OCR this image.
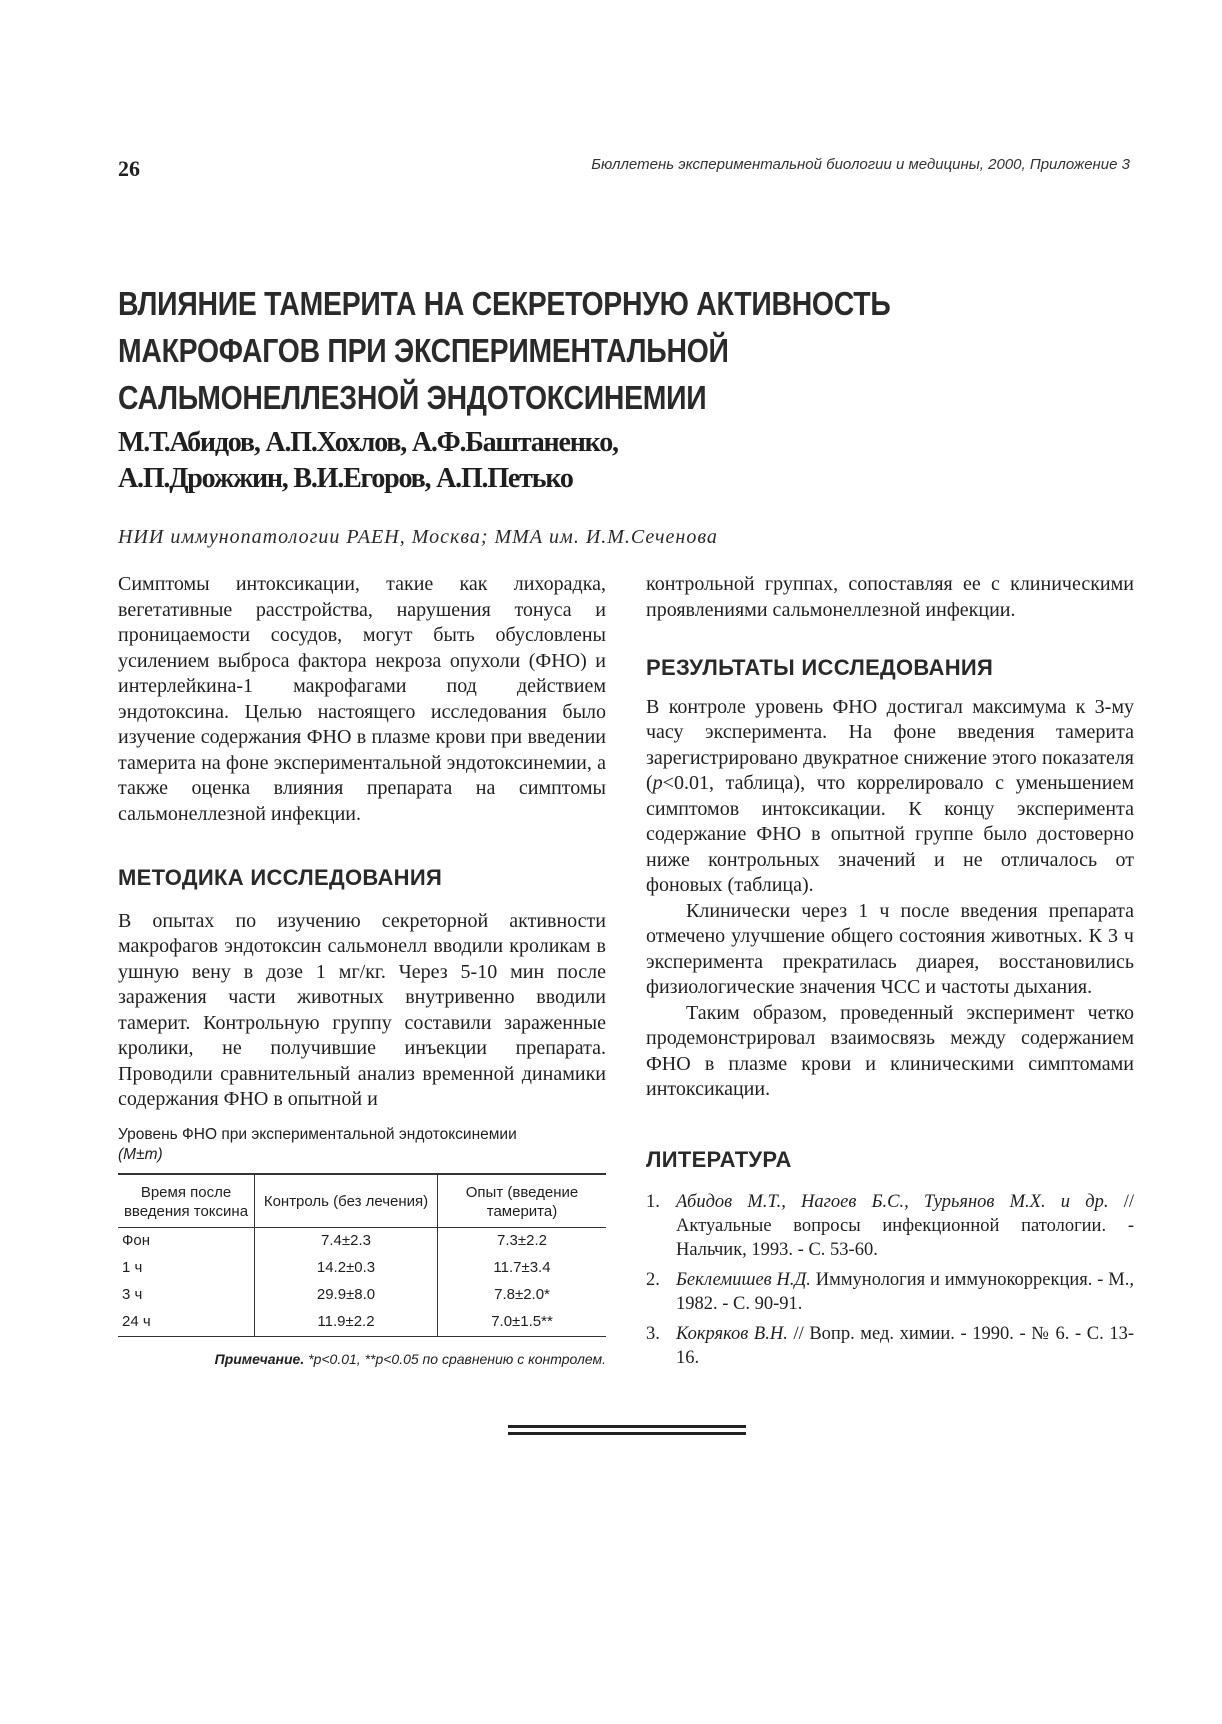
26	Бюллетень экспериментальной биологии и медицины, 2000, Приложение 3
ВЛИЯНИЕ ТАМЕРИТА НА СЕКРЕТОРНУЮ АКТИВНОСТЬ
МАКРОФАГОВ ПРИ ЭКСПЕРИМЕНТАЛЬНОЙ
САЛЬМОНЕЛЛЕЗНОЙ ЭНДОТОКСИНЕМИИ
М.Т.Абидов, А.П.Хохлов, А.Ф.Баштаненко,
А.П.Дрожжин, В.И.Егоров, А.П.Петько
НИИ иммунопатологии РАЕН, Москва; ММА им. И.М.Сеченова

Симптомы интоксикации, такие как лихорадка, вегетативные расстройства, нарушения тонуса и проницаемости сосудов, могут быть обусловлены усилением выброса фактора некроза опухоли (ФНО) и интерлейкина-1 макрофагами под действием эндотоксина. Целью настоящего исследования было изучение содержания ФНО в плазме крови при введении тамерита на фоне экспериментальной эндотоксинемии, а также оценка влияния препарата на симптомы сальмонеллезной инфекции.

МЕТОДИКА ИССЛЕДОВАНИЯ

В опытах по изучению секреторной активности макрофагов эндотоксин сальмонелл вводили кроликам в ушную вену в дозе 1 мг/кг. Через 5-10 мин после заражения части животных внутривенно вводили тамерит. Контрольную группу составили зараженные кролики, не получившие инъекции препарата. Проводили сравнительный анализ временной динамики содержания ФНО в опытной и

Уровень ФНО при экспериментальной эндотоксинемии
(M±m)
Время после введения токсина	Контроль (без лечения)	Опыт (введение тамерита)
Фон	7.4±2.3	7.3±2.2
1 ч	14.2±0.3	11.7±3.4
3 ч	29.9±8.0	7.8±2.0*
24 ч	11.9±2.2	7.0±1.5**
Примечание. *p<0.01, **p<0.05 по сравнению с контролем.

контрольной группах, сопоставляя ее с клиническими проявлениями сальмонеллезной инфекции.

РЕЗУЛЬТАТЫ ИССЛЕДОВАНИЯ

В контроле уровень ФНО достигал максимума к 3-му часу эксперимента. На фоне введения тамерита зарегистрировано двукратное снижение этого показателя (p<0.01, таблица), что коррелировало с уменьшением симптомов интоксикации. К концу эксперимента содержание ФНО в опытной группе было достоверно ниже контрольных значений и не отличалось от фоновых (таблица).

Клинически через 1 ч после введения препарата отмечено улучшение общего состояния животных. К 3 ч эксперимента прекратилась диарея, восстановились физиологические значения ЧСС и частоты дыхания.

Таким образом, проведенный эксперимент четко продемонстрировал взаимосвязь между содержанием ФНО в плазме крови и клиническими симптомами интоксикации.

ЛИТЕРАТУРА
1. Абидов М.Т., Нагоев Б.С., Турьянов М.Х. и др. // Актуальные вопросы инфекционной патологии. - Нальчик, 1993. - С. 53-60.
2. Беклемишев Н.Д. Иммунология и иммунокоррекция. - М., 1982. - С. 90-91.
3. Кокряков В.Н. // Вопр. мед. химии. - 1990. - № 6. - С. 13-16.
